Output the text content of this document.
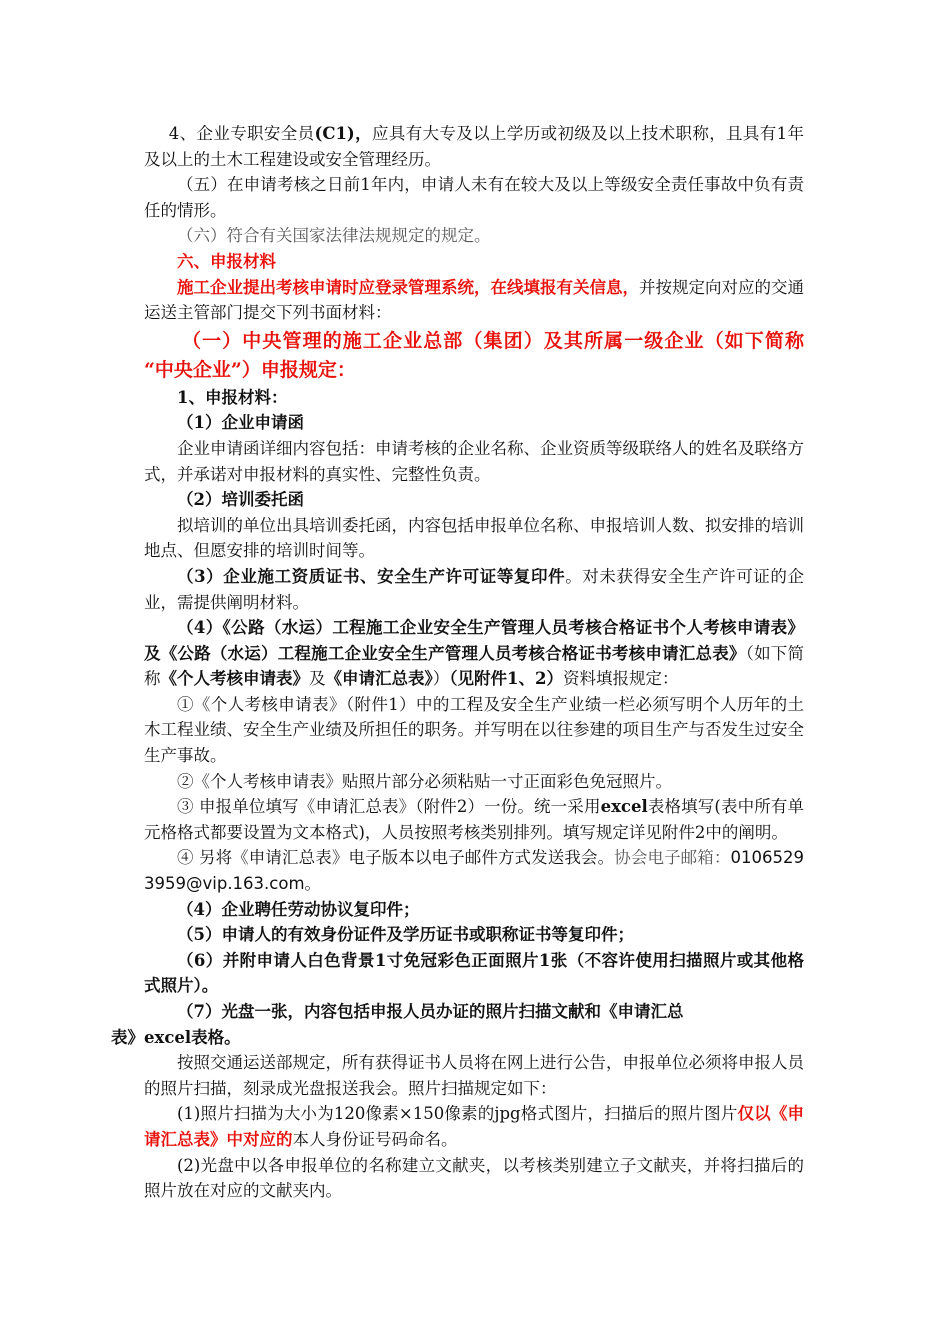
4、企业专职安全员(C1)，应具有大专及以上学历或初级及以上技术职称，且具有1年及以上的土木工程建设或安全管理经历。

（五）在申请考核之日前1年内，申请人未有在较大及以上等级安全责任事故中负有责任的情形。

（六）符合有关国家法律法规规定的规定。

六、申报材料

施工企业提出考核申请时应登录管理系统，在线填报有关信息，并按规定向对应的交通运送主管部门提交下列书面材料：

（一）中央管理的施工企业总部（集团）及其所属一级企业（如下简称 “中央企业”）申报规定：

1、申报材料：

（1）企业申请函

企业申请函详细内容包括：申请考核的企业名称、企业资质等级联络人的姓名及联络方式，并承诺对申报材料的真实性、完整性负责。

（2）培训委托函

拟培训的单位出具培训委托函，内容包括申报单位名称、申报培训人数、拟安排的培训地点、但愿安排的培训时间等。

（3）企业施工资质证书、安全生产许可证等复印件。对未获得安全生产许可证的企业，需提供阐明材料。

（4）《公路（水运）工程施工企业安全生产管理人员考核合格证书个人考核申请表》及《公路（水运）工程施工企业安全生产管理人员考核合格证书考核申请汇总表》（如下简称《个人考核申请表》及《申请汇总表》）（见附件1、2）资料填报规定：

①《个人考核申请表》（附件1）中的工程及安全生产业绩一栏必须写明个人历年的土木工程业绩、安全生产业绩及所担任的职务。并写明在以往参建的项目生产与否发生过安全生产事故。

②《个人考核申请表》贴照片部分必须粘贴一寸正面彩色免冠照片。

③ 申报单位填写《申请汇总表》（附件2）一份。统一采用excel表格填写(表中所有单元格格式都要设置为文本格式)，人员按照考核类别排列。填写规定详见附件2中的阐明。

④ 另将《申请汇总表》电子版本以电子邮件方式发送我会。协会电子邮箱：01065293959@vip.163.com。

（4）企业聘任劳动协议复印件；

（5）申请人的有效身份证件及学历证书或职称证书等复印件；

（6）并附申请人白色背景1寸免冠彩色正面照片1张（不容许使用扫描照片或其他格式照片）。

（7）光盘一张，内容包括申报人员办证的照片扫描文献和《申请汇总
表》excel表格。

按照交通运送部规定，所有获得证书人员将在网上进行公告，申报单位必须将申报人员的照片扫描，刻录成光盘报送我会。照片扫描规定如下：

(1)照片扫描为大小为120像素×150像素的jpg格式图片，扫描后的照片图片仅以《申请汇总表》中对应的本人身份证号码命名。

(2)光盘中以各申报单位的名称建立文献夹，以考核类别建立子文献夹，并将扫描后的照片放在对应的文献夹内。
